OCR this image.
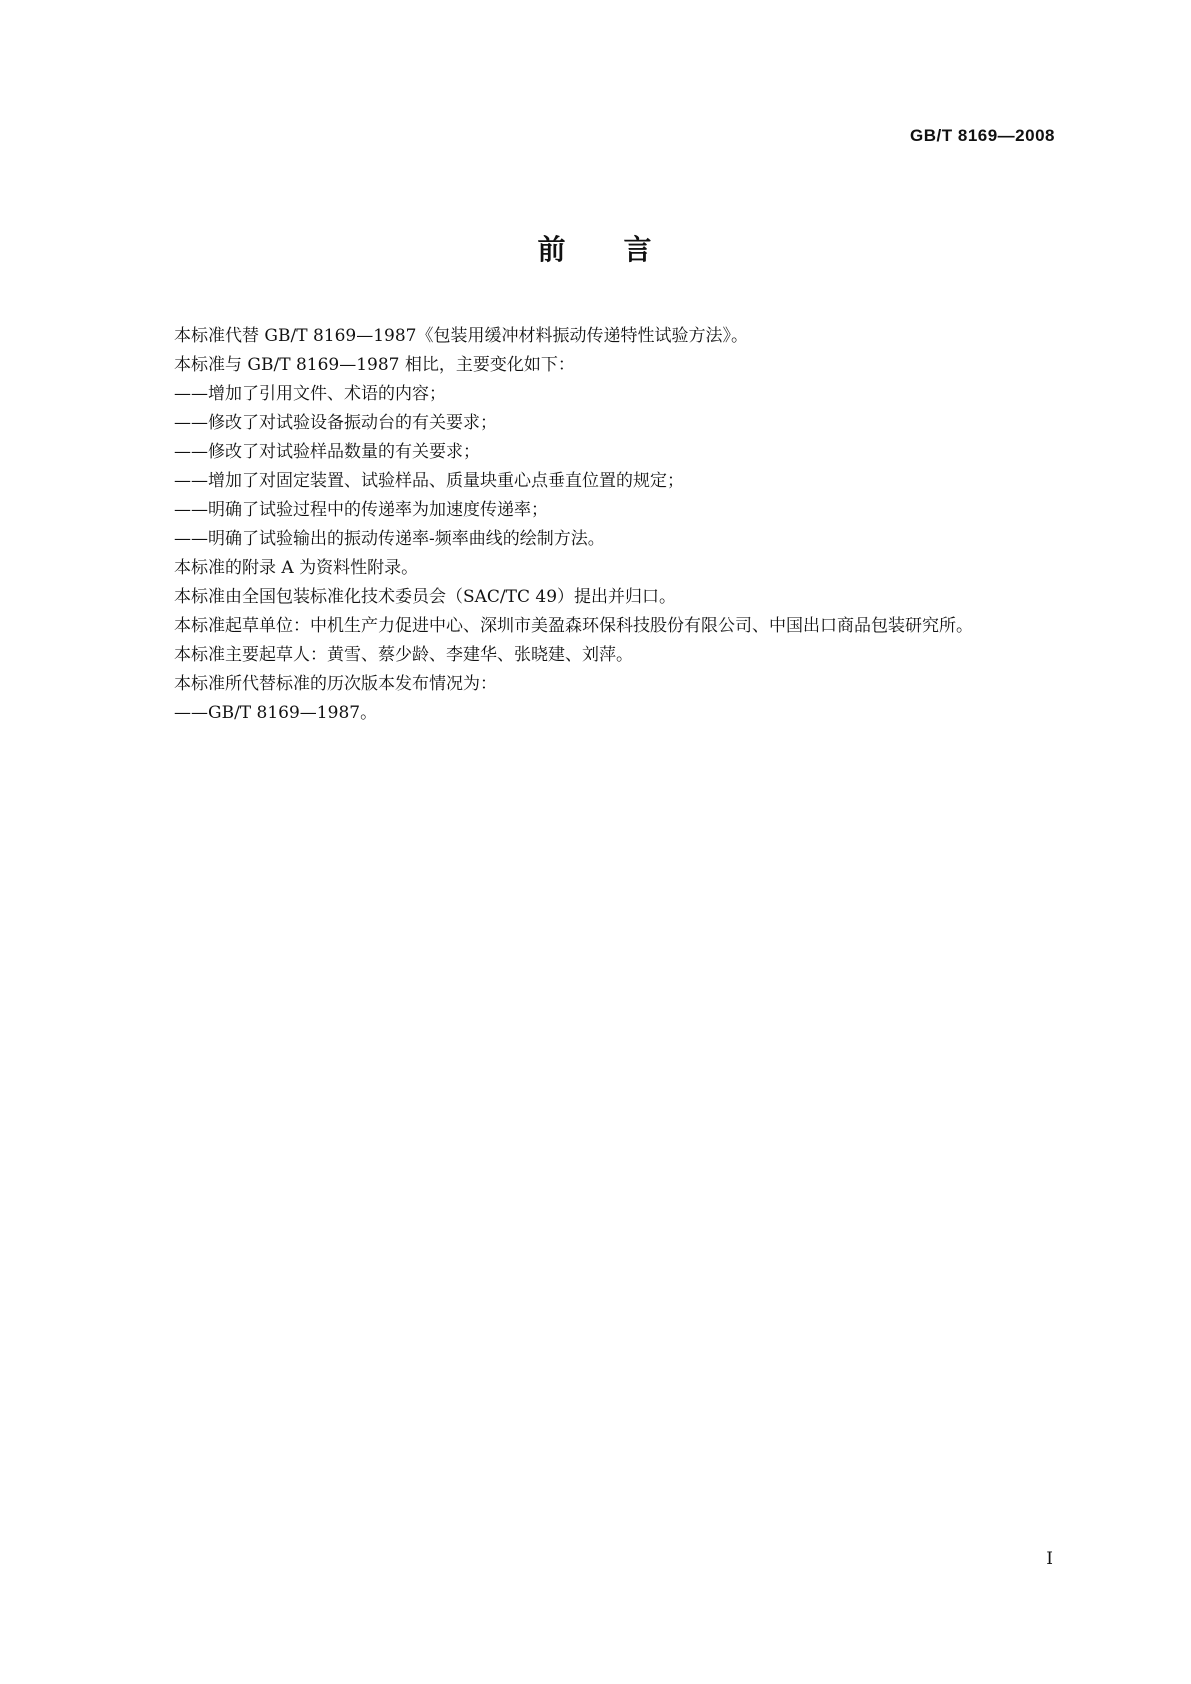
GB/T 8169—2008
前 言

本标准代替 GB/T 8169—1987《包装用缓冲材料振动传递特性试验方法》。

本标准与 GB/T 8169—1987 相比，主要变化如下：

——增加了引用文件、术语的内容；

——修改了对试验设备振动台的有关要求；

——修改了对试验样品数量的有关要求；

——增加了对固定装置、试验样品、质量块重心点垂直位置的规定；

——明确了试验过程中的传递率为加速度传递率；

——明确了试验输出的振动传递率-频率曲线的绘制方法。

本标准的附录 A 为资料性附录。

本标准由全国包装标准化技术委员会（SAC/TC 49）提出并归口。

本标准起草单位：中机生产力促进中心、深圳市美盈森环保科技股份有限公司、中国出口商品包装研究所。

本标准主要起草人：黄雪、蔡少龄、李建华、张晓建、刘萍。

本标准所代替标准的历次版本发布情况为：

——GB/T 8169—1987。

I
